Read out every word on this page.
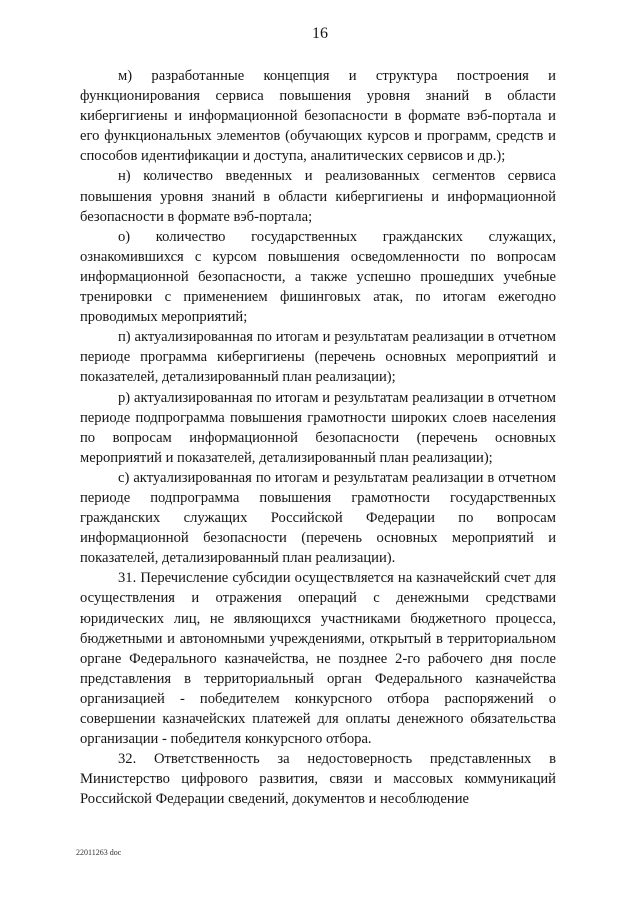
16

м) разработанные концепция и структура построения и функционирования сервиса повышения уровня знаний в области кибергигиены и информационной безопасности в формате вэб-портала и его функциональных элементов (обучающих курсов и программ, средств и способов идентификации и доступа, аналитических сервисов и др.);

н) количество введенных и реализованных сегментов сервиса повышения уровня знаний в области кибергигиены и информационной безопасности в формате вэб-портала;

о) количество государственных гражданских служащих, ознакомившихся с курсом повышения осведомленности по вопросам информационной безопасности, а также успешно прошедших учебные тренировки с применением фишинговых атак, по итогам ежегодно проводимых мероприятий;

п) актуализированная по итогам и результатам реализации в отчетном периоде программа кибергигиены (перечень основных мероприятий и показателей, детализированный план реализации);

р) актуализированная по итогам и результатам реализации в отчетном периоде подпрограмма повышения грамотности широких слоев населения по вопросам информационной безопасности (перечень основных мероприятий и показателей, детализированный план реализации);

с) актуализированная по итогам и результатам реализации в отчетном периоде подпрограмма повышения грамотности государственных гражданских служащих Российской Федерации по вопросам информационной безопасности (перечень основных мероприятий и показателей, детализированный план реализации).

31. Перечисление субсидии осуществляется на казначейский счет для осуществления и отражения операций с денежными средствами юридических лиц, не являющихся участниками бюджетного процесса, бюджетными и автономными учреждениями, открытый в территориальном органе Федерального казначейства, не позднее 2-го рабочего дня после представления в территориальный орган Федерального казначейства организацией - победителем конкурсного отбора распоряжений о совершении казначейских платежей для оплаты денежного обязательства организации - победителя конкурсного отбора.

32. Ответственность за недостоверность представленных в Министерство цифрового развития, связи и массовых коммуникаций Российской Федерации сведений, документов и несоблюдение

22011263 doc
